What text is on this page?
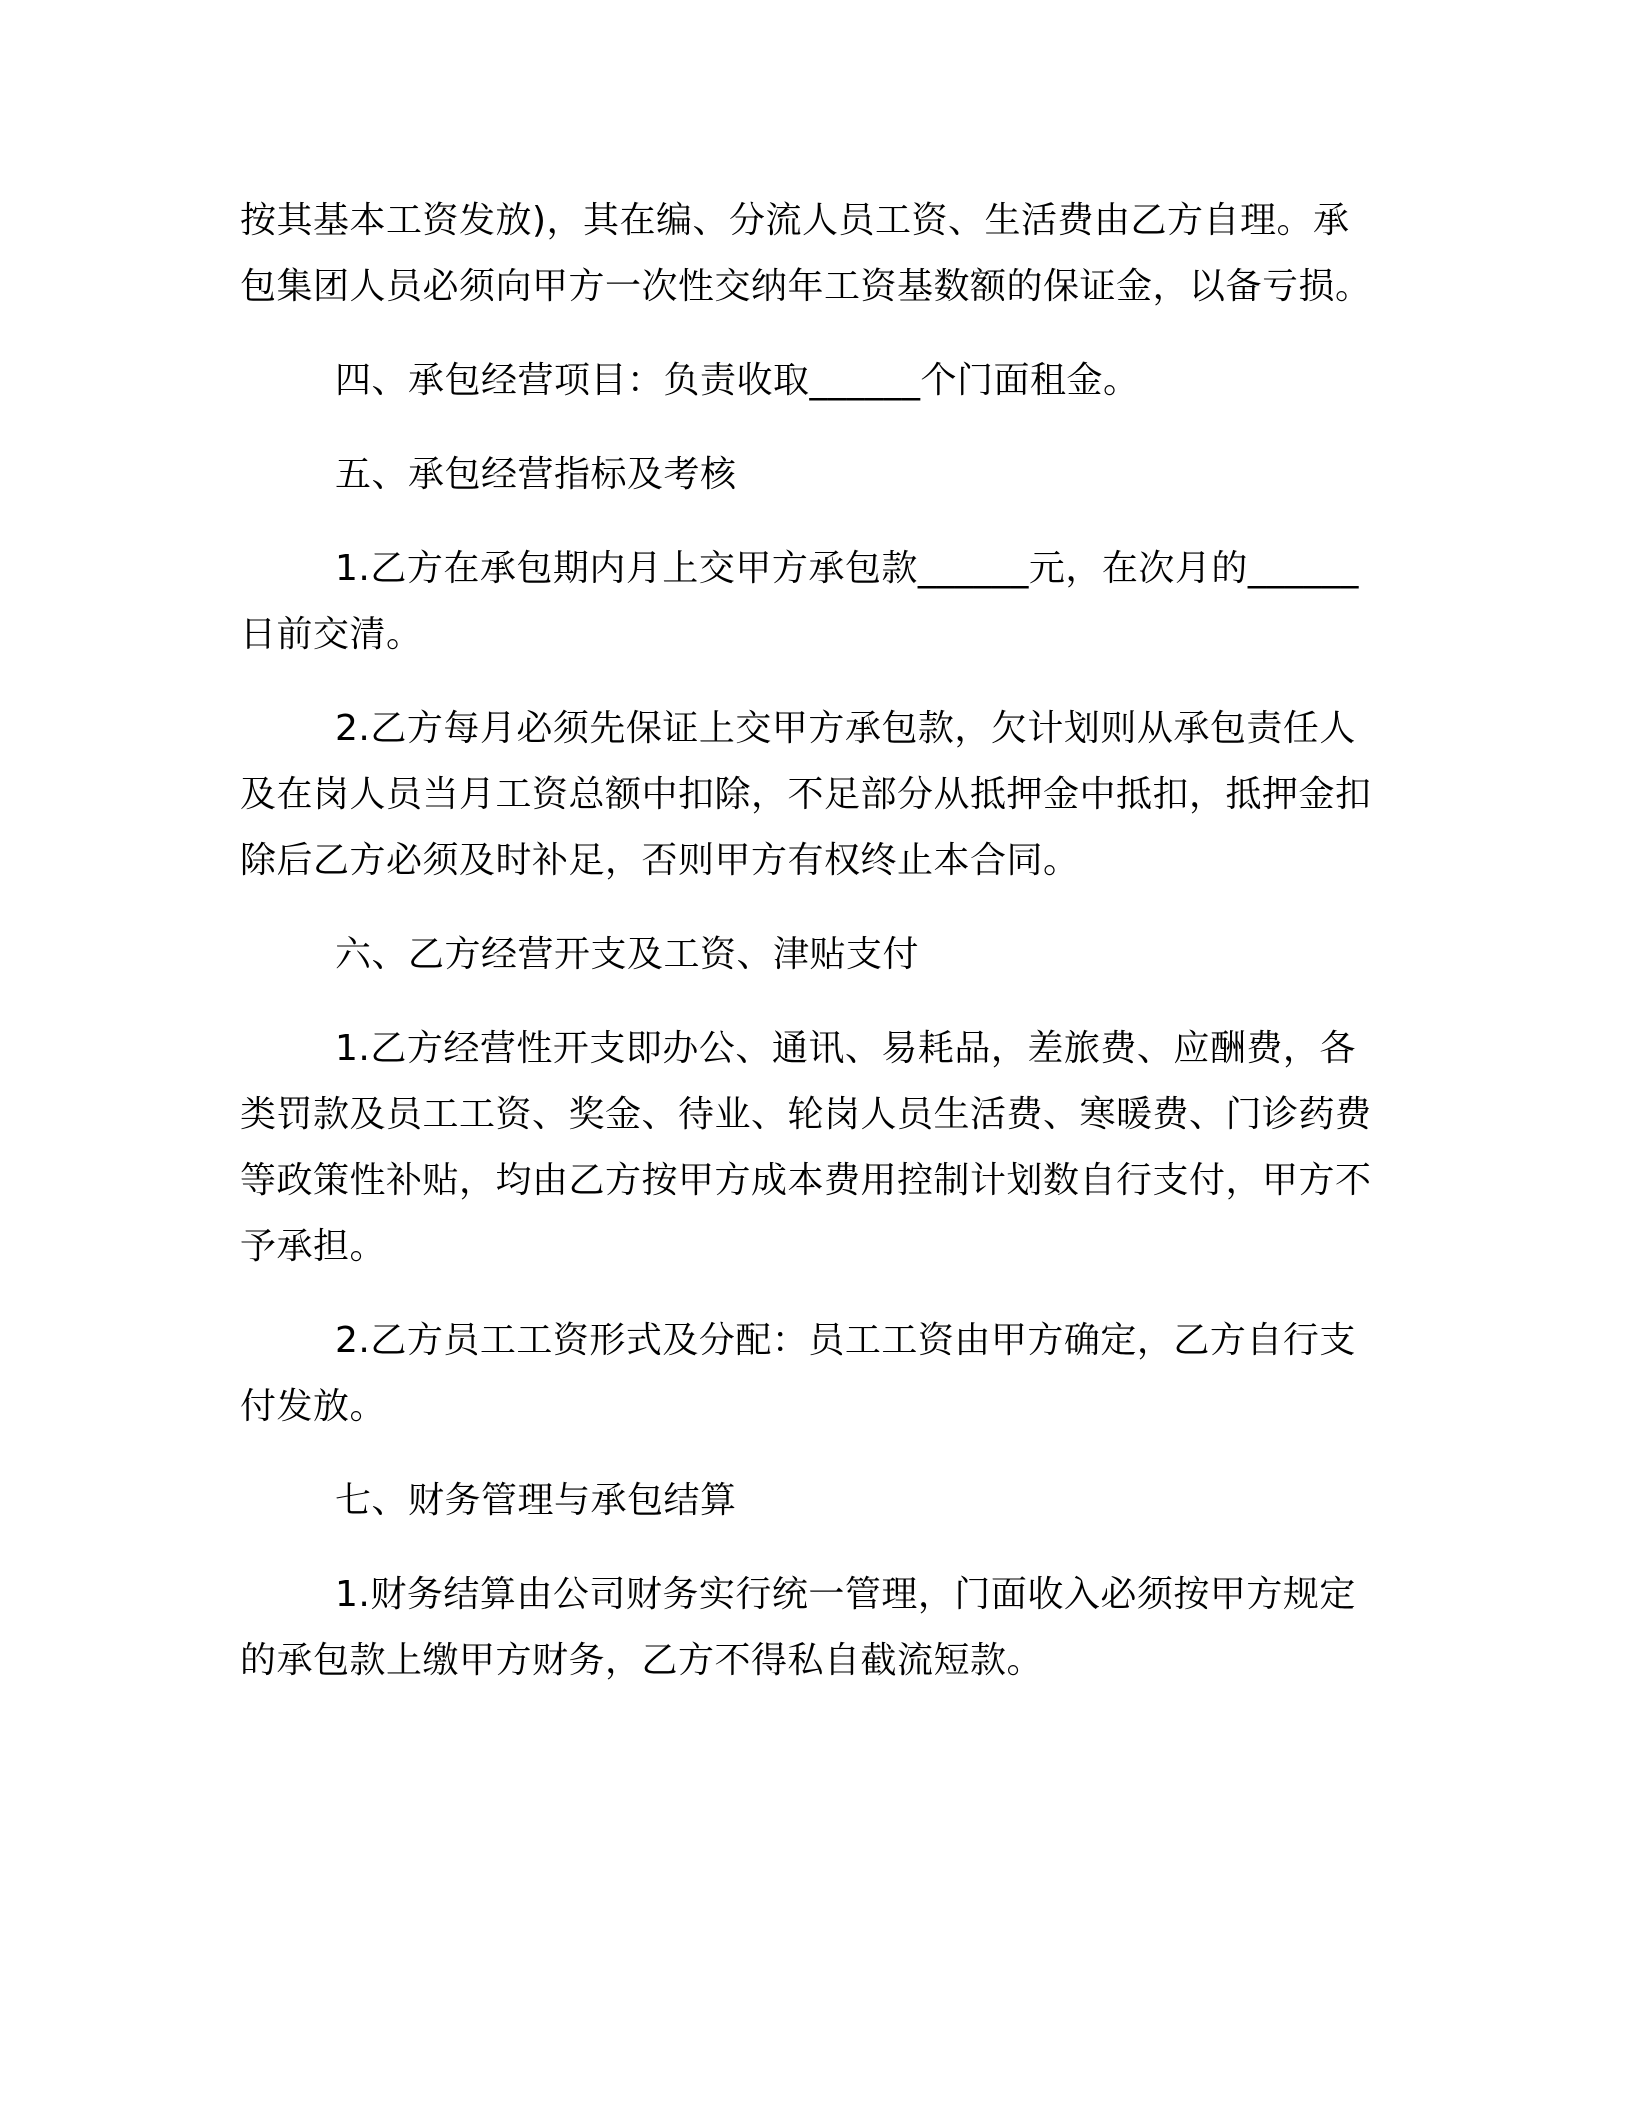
按其基本工资发放)，其在编、分流人员工资、生活费由乙方自理。承包集团人员必须向甲方一次性交纳年工资基数额的保证金，以备亏损。

四、承包经营项目：负责收取______个门面租金。

五、承包经营指标及考核

1.乙方在承包期内月上交甲方承包款______元，在次月的______日前交清。

2.乙方每月必须先保证上交甲方承包款，欠计划则从承包责任人及在岗人员当月工资总额中扣除，不足部分从抵押金中抵扣，抵押金扣除后乙方必须及时补足，否则甲方有权终止本合同。

六、乙方经营开支及工资、津贴支付

1.乙方经营性开支即办公、通讯、易耗品，差旅费、应酬费，各类罚款及员工工资、奖金、待业、轮岗人员生活费、寒暖费、门诊药费等政策性补贴，均由乙方按甲方成本费用控制计划数自行支付，甲方不予承担。

2.乙方员工工资形式及分配：员工工资由甲方确定，乙方自行支付发放。

七、财务管理与承包结算

1.财务结算由公司财务实行统一管理，门面收入必须按甲方规定的承包款上缴甲方财务，乙方不得私自截流短款。
